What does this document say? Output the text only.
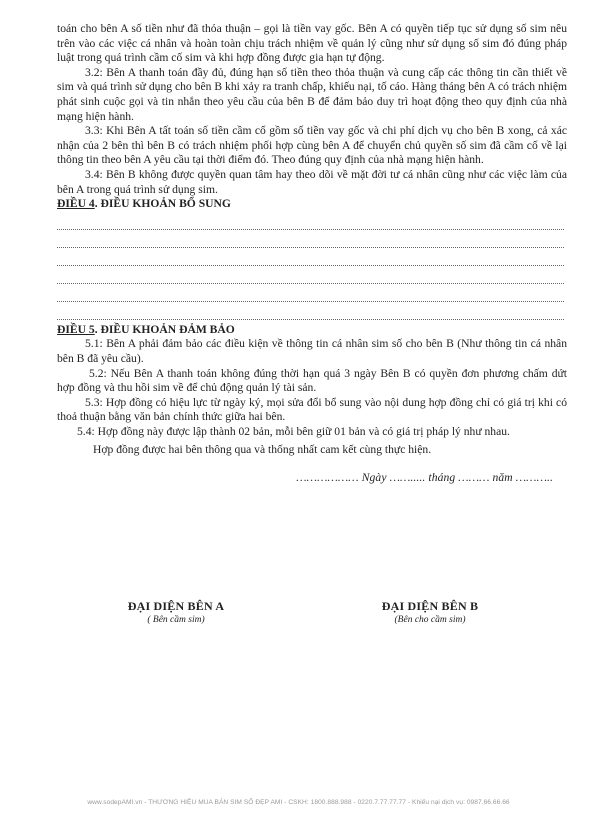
toán cho bên A số tiền như đã thỏa thuận – gọi là tiền vay gốc. Bên A có quyền tiếp tục sử dụng số sim nêu trên vào các việc cá nhân và hoàn toàn chịu trách nhiệm về quản lý cũng như sử dụng số sim đó đúng pháp luật trong quá trình cầm cố sim và khi hợp đồng được gia hạn tự động.

3.2: Bên A thanh toán đầy đủ, đúng hạn số tiền theo thỏa thuận và cung cấp các thông tin cần thiết về sim và quá trình sử dụng cho bên B khi xảy ra tranh chấp, khiếu nại, tố cáo. Hàng tháng bên A có trách nhiệm phát sinh cuộc gọi và tin nhắn theo yêu cầu của bên B để đảm bảo duy trì hoạt động theo quy định của nhà mạng hiện hành.

3.3: Khi Bên A tất toán số tiền cầm cố gồm số tiền vay gốc và chi phí dịch vụ cho bên B xong, cả xác nhận của 2 bên thì bên B có trách nhiệm phối hợp cùng bên A để chuyển chủ quyền số sim đã cầm cố về lại thông tin theo bên A yêu cầu tại thời điểm đó. Theo đúng quy định của nhà mạng hiện hành.

3.4: Bên B không được quyền quan tâm hay theo dõi về mặt đời tư cá nhân cũng như các việc làm của bên A trong quá trình sử dụng sim.

ĐIỀU 4. ĐIỀU KHOẢN BỔ SUNG

ĐIỀU 5. ĐIỀU KHOẢN ĐẢM BẢO

5.1: Bên A phải đảm bảo các điều kiện về thông tin cá nhân sim số cho bên B (Như thông tin cá nhân bên B đã yêu cầu).

5.2: Nếu Bên A thanh toán không đúng thời hạn quá 3 ngày Bên B có quyền đơn phương chấm dứt hợp đồng và thu hồi sim về để chủ động quản lý tài sản.

5.3: Hợp đồng có hiệu lực từ ngày ký, mọi sửa đổi bổ sung vào nội dung hợp đồng chỉ có giá trị khi có thoả thuận bằng văn bản chính thức giữa hai bên.

5.4: Hợp đồng này được lập thành 02 bản, mỗi bên giữ 01 bản và có giá trị pháp lý như nhau.

Hợp đồng được hai bên thông qua và thống nhất cam kết cùng thực hiện.

……………… Ngày ……..... tháng ……… năm ………..

ĐẠI DIỆN BÊN A
( Bên cầm sim)
ĐẠI DIỆN BÊN B
(Bên cho cầm sim)
www.sodepAMI.vn - THƯƠNG HIỆU MUA BÁN SIM SỐ ĐẸP AMI - CSKH: 1800.888.988 - 0220.7.77.77.77 - Khiếu nại dịch vụ: 0987.66.66.66
